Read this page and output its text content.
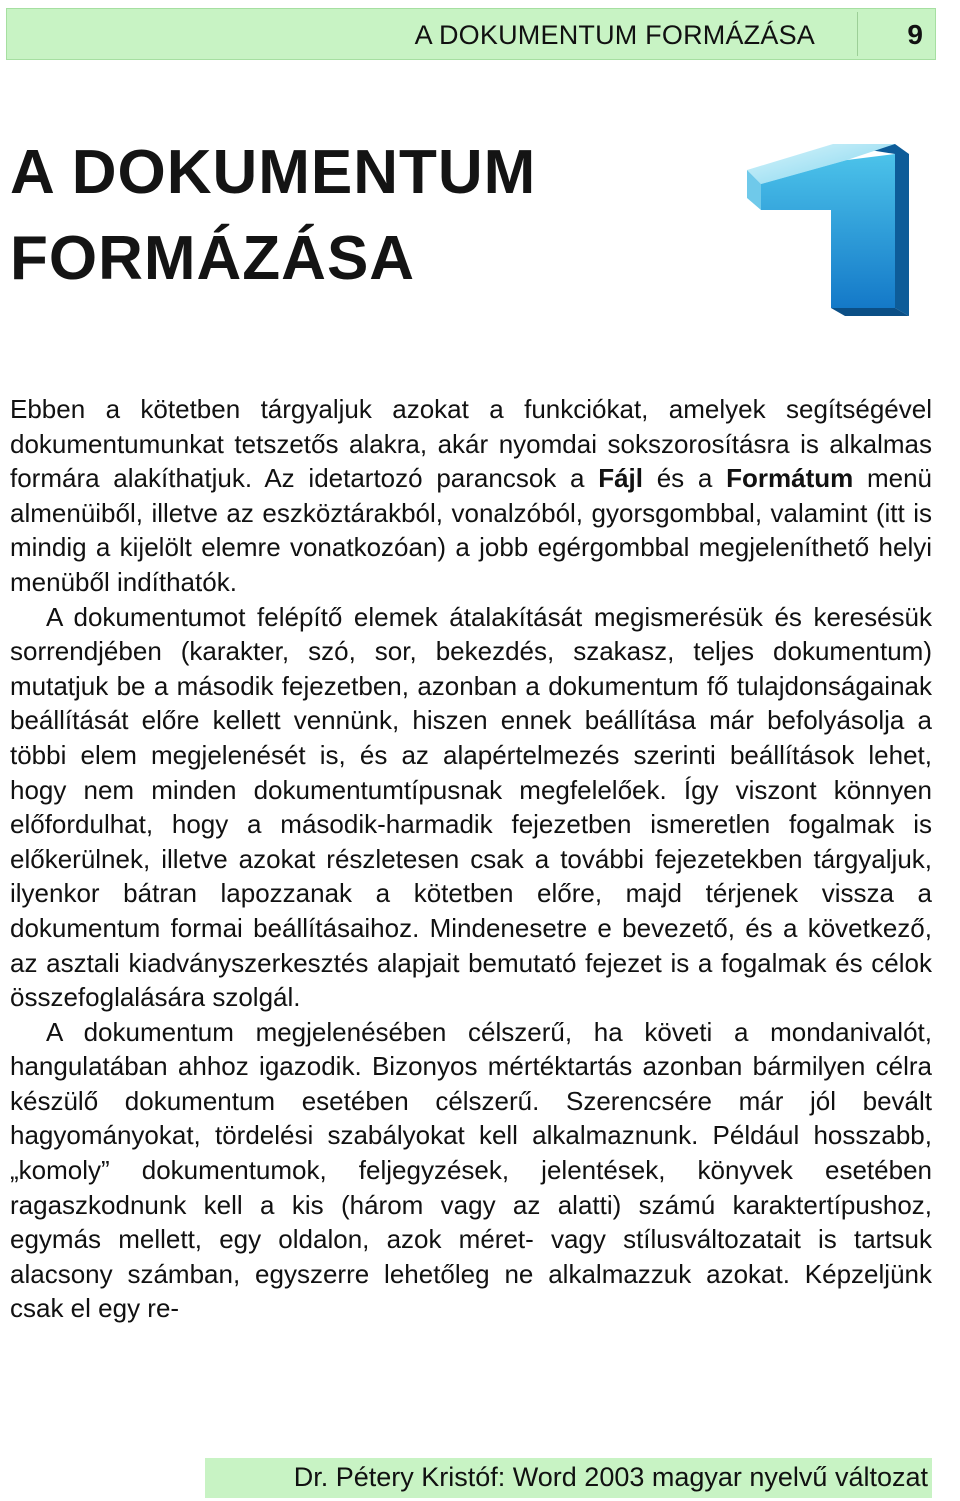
A DOKUMENTUM FORMÁZÁSA	9
A DOKUMENTUM
FORMÁZÁSA

Ebben a kötetben tárgyaljuk azokat a funkciókat, amelyek segítségével dokumentumunkat tetszetős alakra, akár nyomdai sokszorosításra is alkalmas formára alakíthatjuk. Az idetartozó parancsok a Fájl és a Formátum menü almenüiből, illetve az eszköztárakból, vonalzóból, gyorsgombbal, valamint (itt is mindig a kijelölt elemre vonatkozóan) a jobb egérgombbal megjeleníthető helyi menüből indíthatók.

A dokumentumot felépítő elemek átalakítását megismerésük és keresésük sorrendjében (karakter, szó, sor, bekezdés, szakasz, teljes dokumentum) mutatjuk be a második fejezetben, azonban a dokumentum fő tulajdonságainak beállítását előre kellett vennünk, hiszen ennek beállítása már befolyásolja a többi elem megjelenését is, és az alapértelmezés szerinti beállítások lehet, hogy nem minden dokumentumtípusnak megfelelőek. Így viszont könnyen előfordulhat, hogy a második-harmadik fejezetben ismeretlen fogalmak is előkerülnek, illetve azokat részletesen csak a további fejezetekben tárgyaljuk, ilyenkor bátran lapozzanak a kötetben előre, majd térjenek vissza a dokumentum formai beállításaihoz. Mindenesetre e bevezető, és a következő, az asztali kiadványszerkesztés alapjait bemutató fejezet is a fogalmak és célok összefoglalására szolgál.

A dokumentum megjelenésében célszerű, ha követi a mondanivalót, hangulatában ahhoz igazodik. Bizonyos mértéktartás azonban bármilyen célra készülő dokumentum esetében célszerű. Szerencsére már jól bevált hagyományokat, tördelési szabályokat kell alkalmaznunk. Például hosszabb, „komoly” dokumentumok, feljegyzések, jelentések, könyvek esetében ragaszkodnunk kell a kis (három vagy az alatti) számú karaktertípushoz, egymás mellett, egy oldalon, azok méret- vagy stílusváltozatait is tartsuk alacsony számban, egyszerre lehetőleg ne alkalmazzuk azokat. Képzeljünk csak el egy re-

Dr. Pétery Kristóf: Word 2003 magyar nyelvű változat
